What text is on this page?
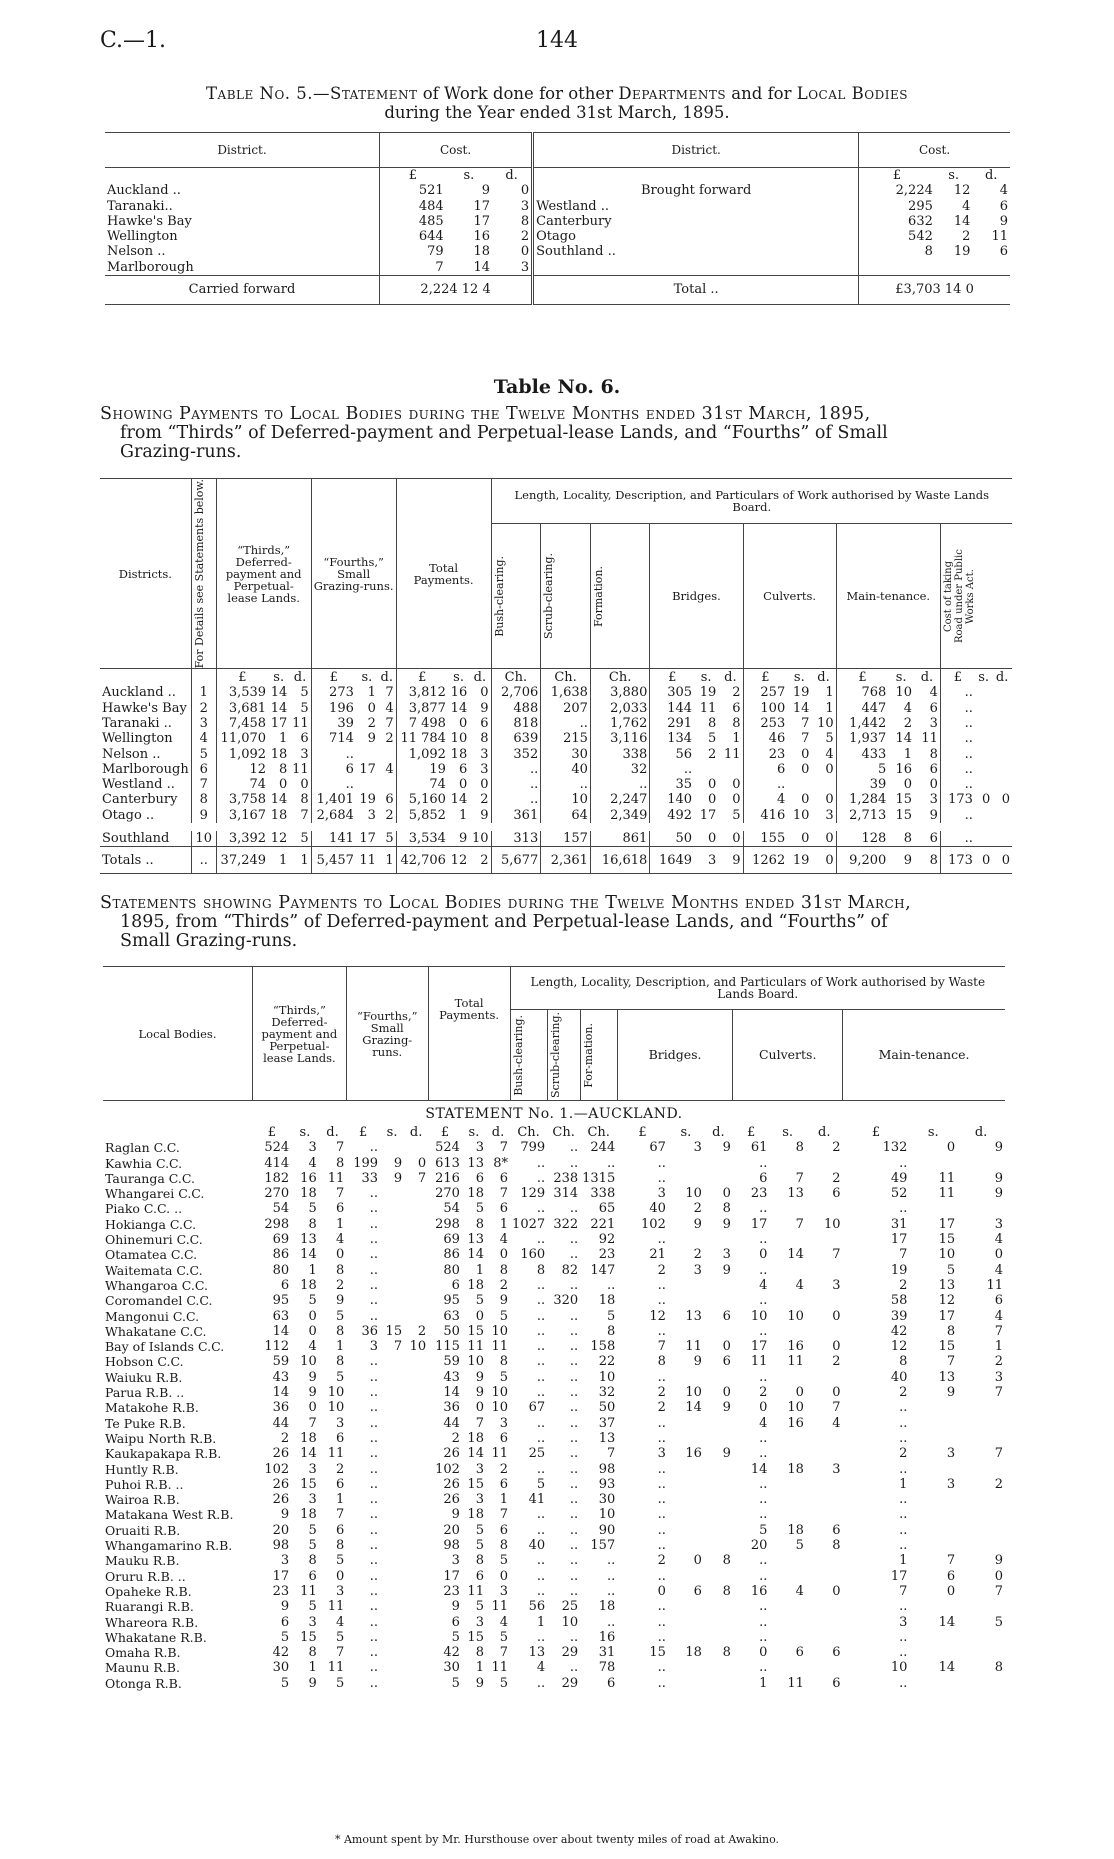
C.—1.	144
Table No. 5.—Statement of Work done for other Departments and for Local Bodies
during the Year ended 31st March, 1895.
District.	Cost.			District.	Cost.		
	£	s.	d.		£	s.	d.
Auckland ..	521	9	0	Brought forward	2,224	12	4
Taranaki..	484	17	3	Westland ..	295	4	6
Hawke's Bay	485	17	8	Canterbury	632	14	9
Wellington	644	16	2	Otago	542	2	11
Nelson ..	79	18	0	Southland ..	8	19	6
Marlborough	7	14	3				
Carried forward	2,224 12 4			Total ..	£3,703 14 0		
Table No. 6.
Showing Payments to Local Bodies during the Twelve Months ended 31st March, 1895,

from “Thirds” of Deferred-payment and Perpetual-lease Lands, and “Fourths” of Small
Grazing-runs.
Districts.	For Details see Statements below.	“Thirds,” Deferred-payment and Perpetual-lease Lands.			“Fourths,” Small Grazing-runs.			Total Payments.			Length, Locality, Description, and Particulars of Work authorised by Waste Lands Board.														

											Bush-clearing.	Scrub-clearing.	Formation.	Bridges.			Culverts.			Main-tenance.			Cost of taking Road under Public Works Act.		

		£	s.	d.	£	s.	d.	£	s.	d.	Ch.	Ch.	Ch.	£	s.	d.	£	s.	d.	£	s.	d.	£	s.	d.
Auckland ..	1	3,539	14	5	273	1	7	3,812	16	0	2,706	1,638	3,880	305	19	2	257	19	1	768	10	4	..		
Hawke's Bay	2	3,681	14	5	196	0	4	3,877	14	9	488	207	2,033	144	11	6	100	14	1	447	4	6	..		
Taranaki ..	3	7,458	17	11	39	2	7	7 498	0	6	818	..	1,762	291	8	8	253	7	10	1,442	2	3	..		
Wellington	4	11,070	1	6	714	9	2	11 784	10	8	639	215	3,116	134	5	1	46	7	5	1,937	14	11	..		
Nelson ..	5	1,092	18	3	..			1,092	18	3	352	30	338	56	2	11	23	0	4	433	1	8	..		
Marlborough	6	12	8	11	6	17	4	19	6	3	..	40	32	..			6	0	0	5	16	6	..		
Westland ..	7	74	0	0	..			74	0	0	..	..	..	35	0	0	..			39	0	0	..		
Canterbury	8	3,758	14	8	1,401	19	6	5,160	14	2	..	10	2,247	140	0	0	4	0	0	1,284	15	3	173	0	0
Otago ..	9	3,167	18	7	2,684	3	2	5,852	1	9	361	64	2,349	492	17	5	416	10	3	2,713	15	9	..		

Southland	10	3,392	12	5	141	17	5	3,534	9	10	313	157	861	50	0	0	155	0	0	128	8	6	..		
Totals ..	..	37,249	1	1	5,457	11	1	42,706	12	2	5,677	2,361	16,618	1649	3	9	1262	19	0	9,200	9	8	173	0	0
Statements showing Payments to Local Bodies during the Twelve Months ended 31st March,

1895, from “Thirds” of Deferred-payment and Perpetual-lease Lands, and “Fourths” of
Small Grazing-runs.
Local Bodies.	“Thirds,” Deferred-payment and Perpetual-lease Lands.			“Fourths,” Small Grazing-runs.			Total Payments.			Length, Locality, Description, and Particulars of Work authorised by Waste Lands Board.											

										Bush-clearing.	Scrub-clearing.	For-mation.	Bridges.			Culverts.			Main-tenance.		
STATEMENT No. 1.—AUCKLAND.																					
	£	s.	d.	£	s.	d.	£	s.	d.	Ch.	Ch.	Ch.	£	s.	d.	£	s.	d.	£	s.	d.
Raglan C.C.	524	3	7	..			524	3	7	799	..	244	67	3	9	61	8	2	132	0	9
Kawhia C.C.	414	4	8	199	9	0	613	13	8*	..	..	..	..			..			..		
Tauranga C.C.	182	16	11	33	9	7	216	6	6	..	238	1315	..			6	7	2	49	11	9
Whangarei C.C.	270	18	7	..			270	18	7	129	314	338	3	10	0	23	13	6	52	11	9
Piako C.C. ..	54	5	6	..			54	5	6	..	..	65	40	2	8	..			..		
Hokianga C.C.	298	8	1	..			298	8	1	1027	322	221	102	9	9	17	7	10	31	17	3
Ohinemuri C.C.	69	13	4	..			69	13	4	..	..	92	..			..			17	15	4
Otamatea C.C.	86	14	0	..			86	14	0	160	..	23	21	2	3	0	14	7	7	10	0
Waitemata C.C.	80	1	8	..			80	1	8	8	82	147	2	3	9	..			19	5	4
Whangaroa C.C.	6	18	2	..			6	18	2	..	..	..	..			4	4	3	2	13	11
Coromandel C.C.	95	5	9	..			95	5	9	..	320	18	..			..			58	12	6
Mangonui C.C.	63	0	5	..			63	0	5	..	..	5	12	13	6	10	10	0	39	17	4
Whakatane C.C.	14	0	8	36	15	2	50	15	10	..	..	8	..			..			42	8	7
Bay of Islands C.C.	112	4	1	3	7	10	115	11	11	..	..	158	7	11	0	17	16	0	12	15	1
Hobson C.C.	59	10	8	..			59	10	8	..	..	22	8	9	6	11	11	2	8	7	2
Waiuku R.B.	43	9	5	..			43	9	5	..	..	10	..			..			40	13	3
Parua R.B. ..	14	9	10	..			14	9	10	..	..	32	2	10	0	2	0	0	2	9	7
Matakohe R.B.	36	0	10	..			36	0	10	67	..	50	2	14	9	0	10	7	..		
Te Puke R.B.	44	7	3	..			44	7	3	..	..	37	..			4	16	4	..		
Waipu North R.B.	2	18	6	..			2	18	6	..	..	13	..			..			..		
Kaukapakapa R.B.	26	14	11	..			26	14	11	25	..	7	3	16	9	..			2	3	7
Huntly R.B.	102	3	2	..			102	3	2	..	..	98	..			14	18	3	..		
Puhoi R.B. ..	26	15	6	..			26	15	6	5	..	93	..			..			1	3	2
Wairoa R.B.	26	3	1	..			26	3	1	41	..	30	..			..			..		
Matakana West R.B.	9	18	7	..			9	18	7	..	..	10	..			..			..		
Oruaiti R.B.	20	5	6	..			20	5	6	..	..	90	..			5	18	6	..		
Whangamarino R.B.	98	5	8	..			98	5	8	40	..	157	..			20	5	8	..		
Mauku R.B.	3	8	5	..			3	8	5	..	..	..	2	0	8	..			1	7	9
Oruru R.B. ..	17	6	0	..			17	6	0	..	..	..	..			..			17	6	0
Opaheke R.B.	23	11	3	..			23	11	3	..	..	..	0	6	8	16	4	0	7	0	7
Ruarangi R.B.	9	5	11	..			9	5	11	56	25	18	..			..			..		
Whareora R.B.	6	3	4	..			6	3	4	1	10	..	..			..			3	14	5
Whakatane R.B.	5	15	5	..			5	15	5	..	..	16	..			..			..		
Omaha R.B.	42	8	7	..			42	8	7	13	29	31	15	18	8	0	6	6	..		
Maunu R.B.	30	1	11	..			30	1	11	4	..	78	..			..			10	14	8
Otonga R.B.	5	9	5	..			5	9	5	..	29	6	..			1	11	6	..		
* Amount spent by Mr. Hursthouse over about twenty miles of road at Awakino.
